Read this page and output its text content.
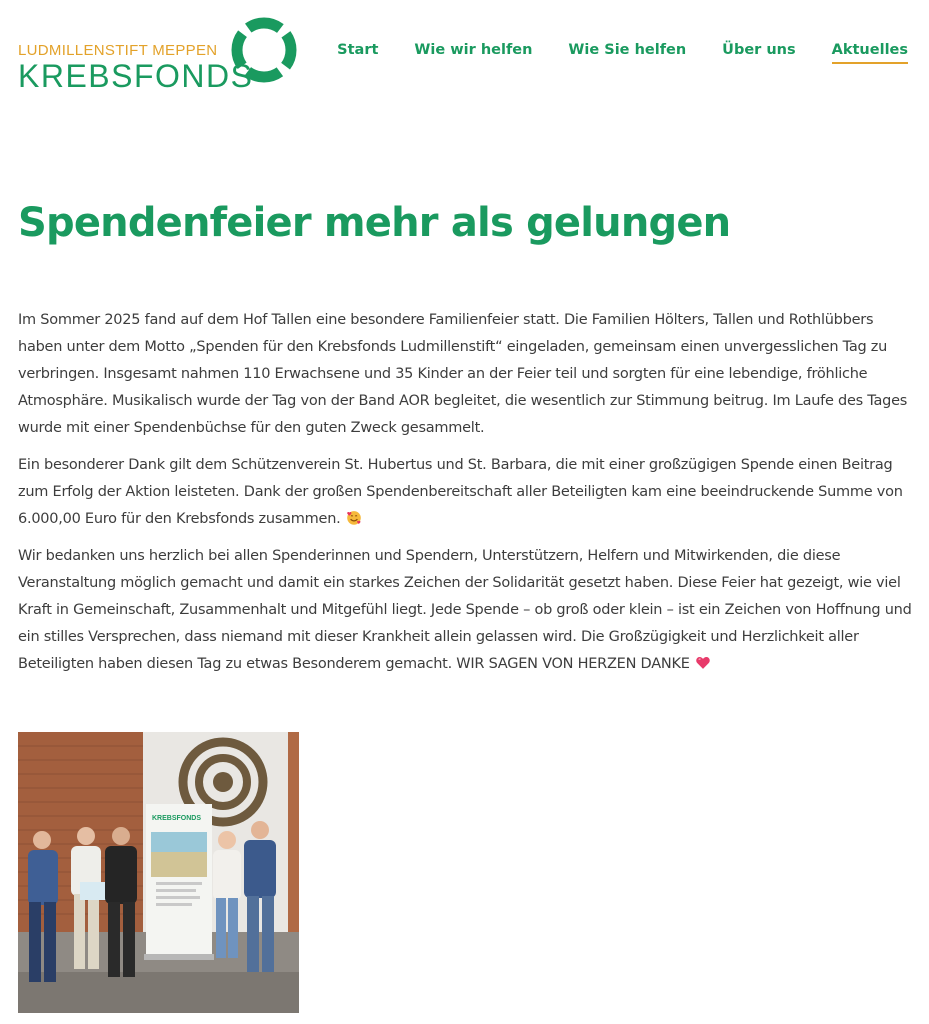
LUDMILLENSTIFT MEPPEN
KREBSFONDS
Start Wie wir helfen Wie Sie helfen Über uns Aktuelles
Spendenfeier mehr als gelungen

Im Sommer 2025 fand auf dem Hof Tallen eine besondere Familienfeier statt. Die Familien Hölters, Tallen und Rothlübbers haben unter dem Motto „Spenden für den Krebsfonds Ludmillenstift“ eingeladen, gemeinsam einen unvergesslichen Tag zu verbringen. Insgesamt nahmen 110 Erwachsene und 35 Kinder an der Feier teil und sorgten für eine lebendige, fröhliche Atmosphäre. Musikalisch wurde der Tag von der Band AOR begleitet, die wesentlich zur Stimmung beitrug. Im Laufe des Tages wurde mit einer Spendenbüchse für den guten Zweck gesammelt.

Ein besonderer Dank gilt dem Schützenverein St. Hubertus und St. Barbara, die mit einer großzügigen Spende einen Beitrag zum Erfolg der Aktion leisteten. Dank der großen Spendenbereitschaft aller Beteiligten kam eine beeindruckende Summe von 6.000,00 Euro für den Krebsfonds zusammen.

Wir bedanken uns herzlich bei allen Spenderinnen und Spendern, Unterstützern, Helfern und Mitwirkenden, die diese Veranstaltung möglich gemacht und damit ein starkes Zeichen der Solidarität gesetzt haben. Diese Feier hat gezeigt, wie viel Kraft in Gemeinschaft, Zusammenhalt und Mitgefühl liegt. Jede Spende – ob groß oder klein – ist ein Zeichen von Hoffnung und ein stilles Versprechen, dass niemand mit dieser Krankheit allein gelassen wird. Die Großzügigkeit und Herzlichkeit aller Beteiligten haben diesen Tag zu etwas Besonderem gemacht. WIR SAGEN VON HERZEN DANKE

KREBSFONDS
